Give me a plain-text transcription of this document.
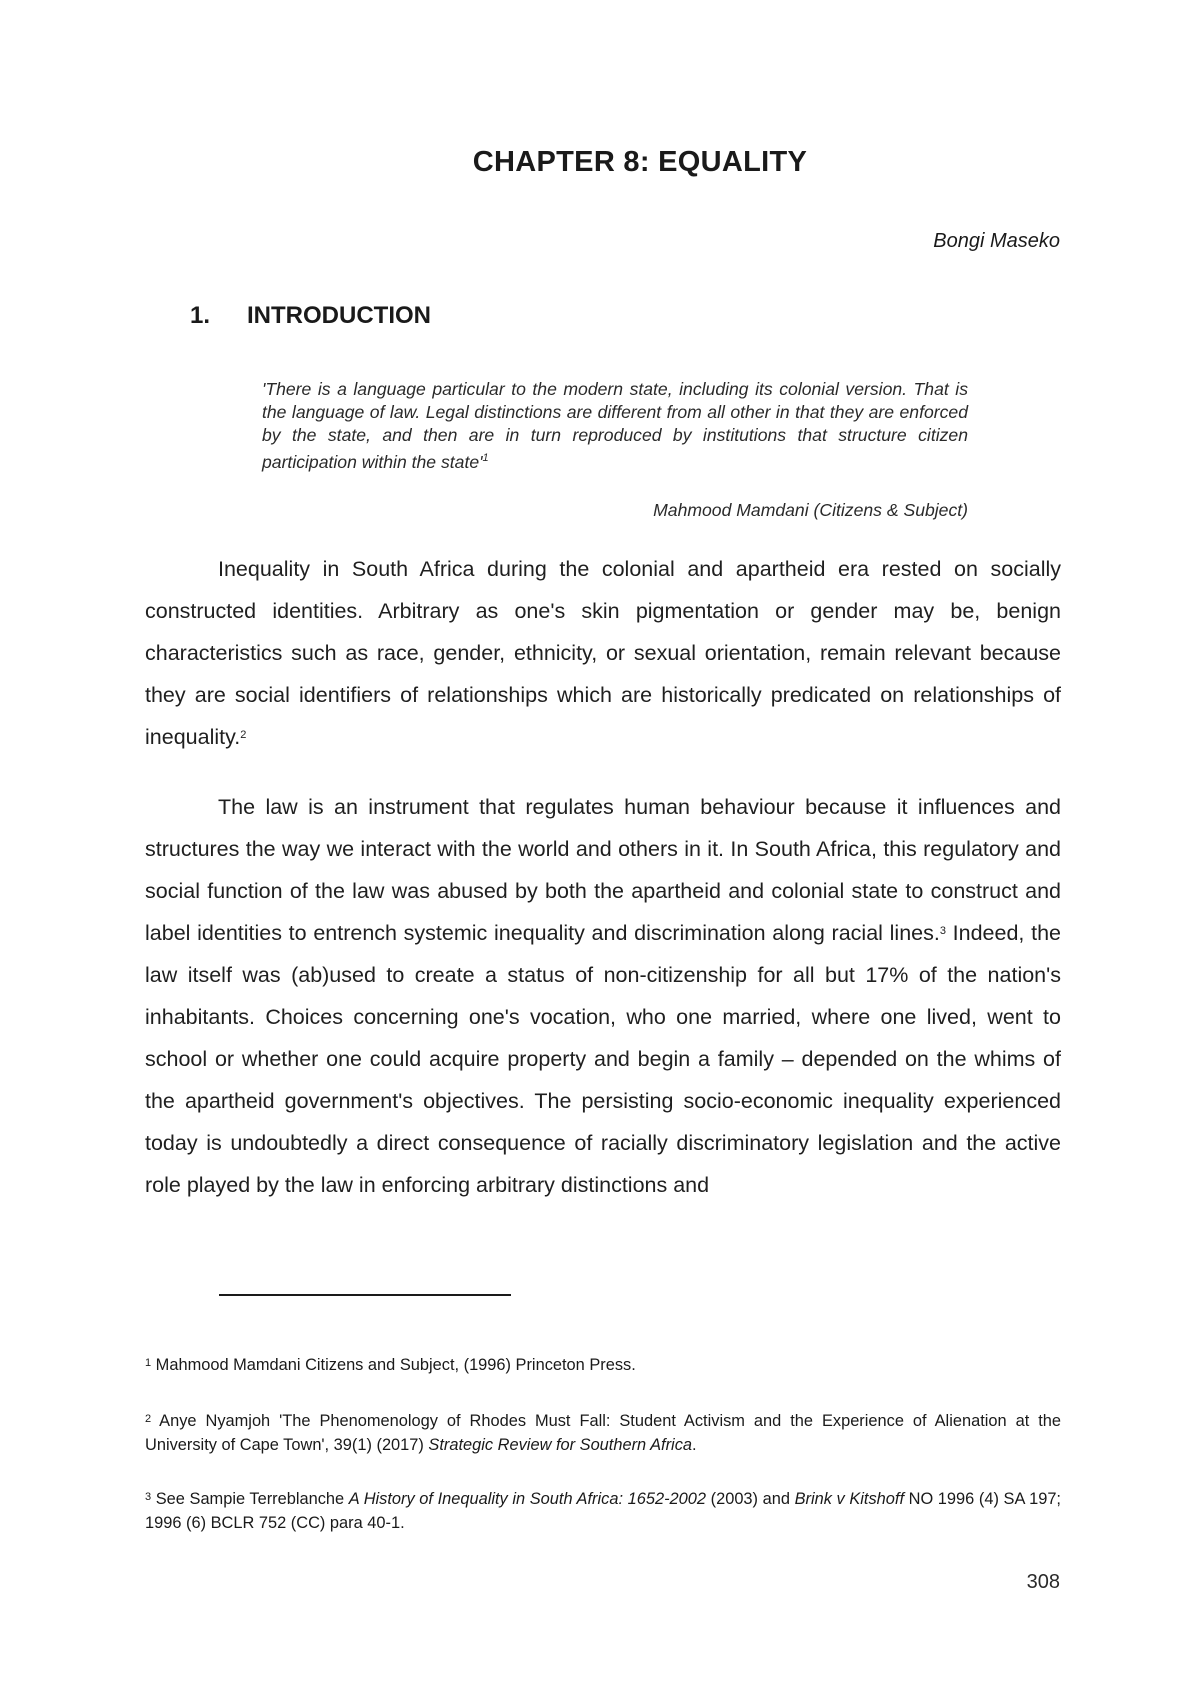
CHAPTER 8: EQUALITY
Bongi Maseko
1. INTRODUCTION
'There is a language particular to the modern state, including its colonial version. That is the language of law. Legal distinctions are different from all other in that they are enforced by the state, and then are in turn reproduced by institutions that structure citizen participation within the $state'^1$
Mahmood Mamdani (Citizens & Subject)
Inequality in South Africa during the colonial and apartheid era rested on socially constructed identities. Arbitrary as one's skin pigmentation or gender may be, benign characteristics such as race, gender, ethnicity, or sexual orientation, remain relevant because they are social identifiers of relationships which are historically predicated on relationships of inequality.$^2$
The law is an instrument that regulates human behaviour because it influences and structures the way we interact with the world and others in it. In South Africa, this regulatory and social function of the law was abused by both the apartheid and colonial state to construct and label identities to entrench systemic inequality and discrimination along racial lines.$^3$ Indeed, the law itself was (ab)used to create a status of non-citizenship for all but 17% of the nation's inhabitants. Choices concerning one's vocation, who one married, where one lived, went to school or whether one could acquire property and begin a family – depended on the whims of the apartheid government's objectives. The persisting socio-economic inequality experienced today is undoubtedly a direct consequence of racially discriminatory legislation and the active role played by the law in enforcing arbitrary distinctions and
$^1$ Mahmood Mamdani Citizens and Subject, (1996) Princeton Press.
$^2$ Anye Nyamjoh 'The Phenomenology of Rhodes Must Fall: Student Activism and the Experience of Alienation at the University of Cape Town', 39(1) (2017) Strategic Review for Southern Africa.
$^3$ See Sampie Terreblanche A History of Inequality in South Africa: 1652-2002 (2003) and Brink v Kitshoff NO 1996 (4) SA 197; 1996 (6) BCLR 752 (CC) para 40-1.
308
